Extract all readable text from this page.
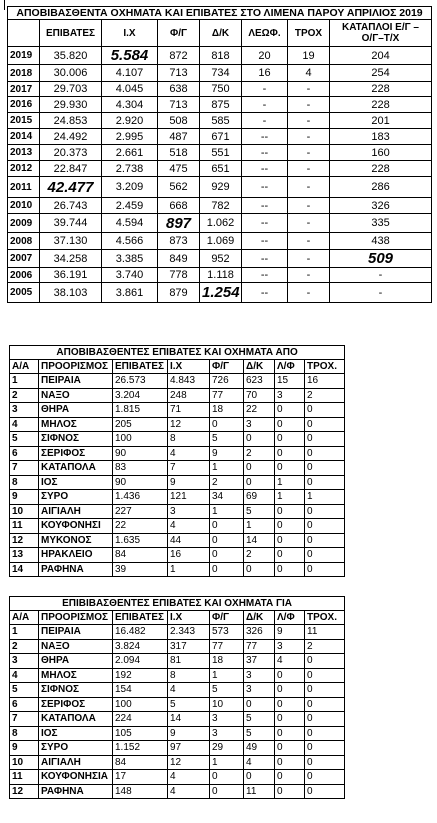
ΑΠΟΒΙΒΑΣΘΕΝΤΑ ΟΧΗΜΑΤΑ ΚΑΙ ΕΠΙΒΑΤΕΣ ΣΤΟ ΛΙΜΕΝΑ ΠΑΡΟΥ ΑΠΡΙΛΙΟΣ 2019							
	ΕΠΙΒΑΤΕΣ	Ι.Χ	Φ/Γ	Δ/Κ	ΛΕΩΦ.	ΤΡΟΧ	ΚΑΤΑΠΛΟΙ Ε/Γ –
Ο/Γ–Τ/Χ
2019	35.820	5.584	872	818	20	19	204
2018	30.006	4.107	713	734	16	4	254
2017	29.703	4.045	638	750	-	-	228
2016	29.930	4.304	713	875	-	-	228
2015	24.853	2.920	508	585	-	-	201
2014	24.492	2.995	487	671	--	-	183
2013	20.373	2.661	518	551	--	-	160
2012	22.847	2.738	475	651	--	-	228
2011	42.477	3.209	562	929	--	-	286
2010	26.743	2.459	668	782	--	-	326
2009	39.744	4.594	897	1.062	--	-	335
2008	37.130	4.566	873	1.069	--	-	438
2007	34.258	3.385	849	952	--	-	509
2006	36.191	3.740	778	1.118	--	-	-
2005	38.103	3.861	879	1.254	--	-	-
ΑΠΟΒΙΒΑΣΘΕΝΤΕΣ ΕΠΙΒΑΤΕΣ ΚΑΙ ΟΧΗΜΑΤΑ ΑΠΟ							
Α/Α	ΠΡΟΟΡΙΣΜΟΣ	ΕΠΙΒΑΤΕΣ	Ι.Χ	Φ/Γ	Δ/Κ	Λ/Φ	ΤΡΟΧ.
1	ΠΕΙΡΑΙΑ	26.573	4.843	726	623	15	16
2	ΝΑΞΟ	3.204	248	77	70	3	2
3	ΘΗΡΑ	1.815	71	18	22	0	0
4	ΜΗΛΟΣ	205	12	0	3	0	0
5	ΣΙΦΝΟΣ	100	8	5	0	0	0
6	ΣΕΡΙΦΟΣ	90	4	9	2	0	0
7	ΚΑΤΑΠΟΛΑ	83	7	1	0	0	0
8	ΙΟΣ	90	9	2	0	1	0
9	ΣΥΡΟ	1.436	121	34	69	1	1
10	ΑΙΓΙΑΛΗ	227	3	1	5	0	0
11	ΚΟΥΦΟΝΗΣΙ	22	4	0	1	0	0
12	ΜΥΚΟΝΟΣ	1.635	44	0	14	0	0
13	ΗΡΑΚΛΕΙΟ	84	16	0	2	0	0
14	ΡΑΦΗΝΑ	39	1	0	0	0	0
ΕΠΙΒΙΒΑΣΘΕΝΤΕΣ ΕΠΙΒΑΤΕΣ ΚΑΙ ΟΧΗΜΑΤΑ ΓΙΑ							
Α/Α	ΠΡΟΟΡΙΣΜΟΣ	ΕΠΙΒΑΤΕΣ	Ι.Χ	Φ/Γ	Δ/Κ	Λ/Φ	ΤΡΟΧ.
1	ΠΕΙΡΑΙΑ	16.482	2.343	573	326	9	11
2	ΝΑΞΟ	3.824	317	77	77	3	2
3	ΘΗΡΑ	2.094	81	18	37	4	0
4	ΜΗΛΟΣ	192	8	1	3	0	0
5	ΣΙΦΝΟΣ	154	4	5	3	0	0
6	ΣΕΡΙΦΟΣ	100	5	10	0	0	0
7	ΚΑΤΑΠΟΛΑ	224	14	3	5	0	0
8	ΙΟΣ	105	9	3	5	0	0
9	ΣΥΡΟ	1.152	97	29	49	0	0
10	ΑΙΓΙΑΛΗ	84	12	1	4	0	0
11	ΚΟΥΦΟΝΗΣΙΑ	17	4	0	0	0	0
12	ΡΑΦΗΝΑ	148	4	0	11	0	0
